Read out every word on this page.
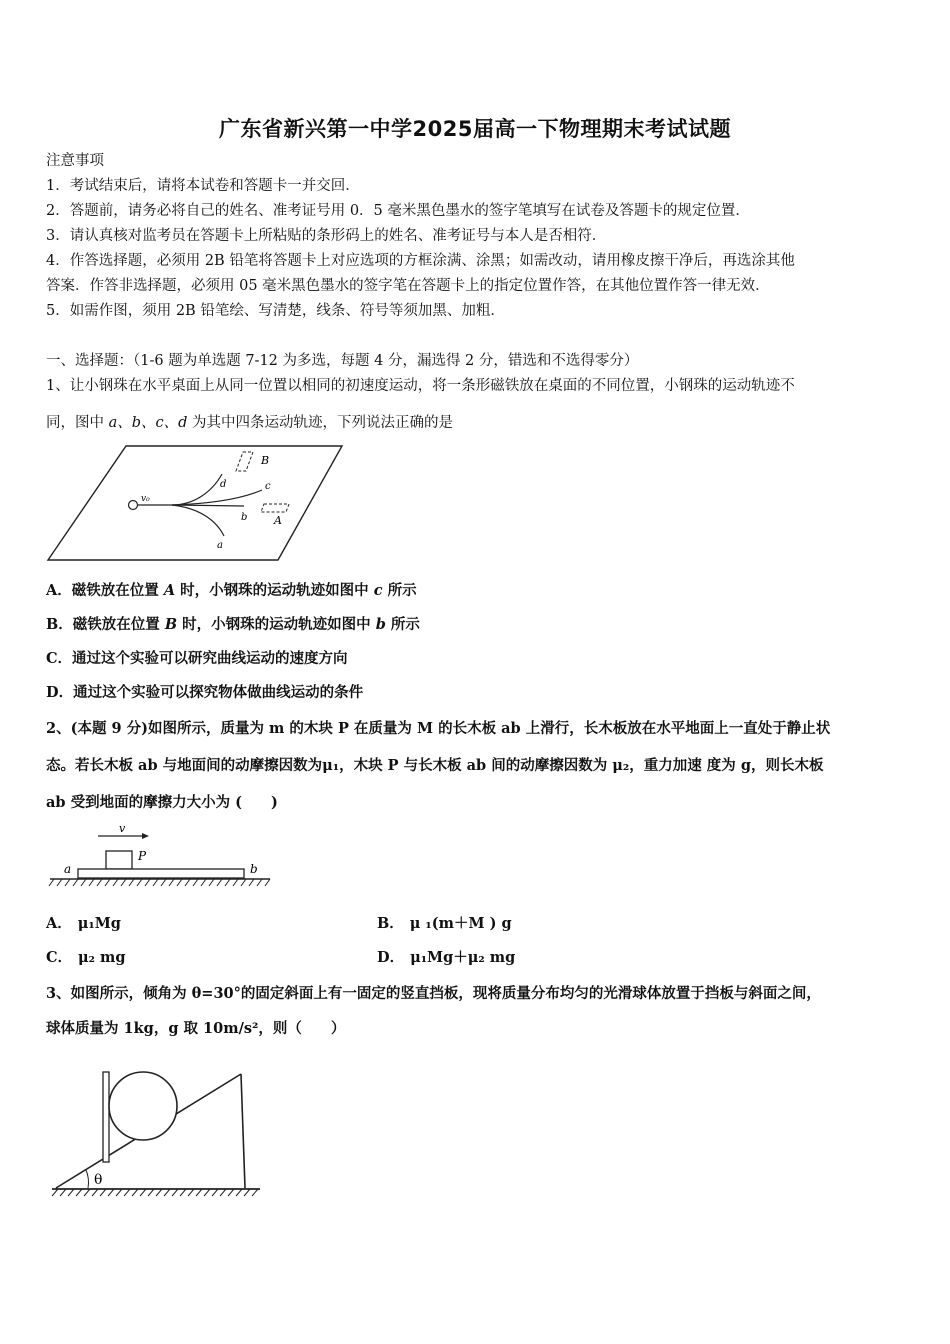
广东省新兴第一中学2025届高一下物理期末考试试题
注意事项
1．考试结束后，请将本试卷和答题卡一并交回．
2．答题前，请务必将自己的姓名、准考证号用 0．5 毫米黑色墨水的签字笔填写在试卷及答题卡的规定位置．
3．请认真核对监考员在答题卡上所粘贴的条形码上的姓名、准考证号与本人是否相符．
4．作答选择题，必须用 2B 铅笔将答题卡上对应选项的方框涂满、涂黑；如需改动，请用橡皮擦干净后，再选涂其他
答案．作答非选择题，必须用 05 毫米黑色墨水的签字笔在答题卡上的指定位置作答，在其他位置作答一律无效．
5．如需作图，须用 2B 铅笔绘、写清楚，线条、符号等须加黑、加粗．
一、选择题：（1-6 题为单选题 7-12 为多选，每题 4 分，漏选得 2 分，错选和不选得零分）
1、让小钢珠在水平桌面上从同一位置以相同的初速度运动，将一条形磁铁放在桌面的不同位置，小钢珠的运动轨迹不
同，图中 a、b、c、d 为其中四条运动轨迹，下列说法正确的是
v₀
d	c
b
a
A
B
A．磁铁放在位置 A 时，小钢珠的运动轨迹如图中 c 所示
B．磁铁放在位置 B 时，小钢珠的运动轨迹如图中 b 所示
C．通过这个实验可以研究曲线运动的速度方向
D．通过这个实验可以探究物体做曲线运动的条件
2、(本题 9 分)如图所示，质量为 m 的木块 P 在质量为 M 的长木板 ab 上滑行，长木板放在水平地面上一直处于静止状
态。若长木板 ab 与地面间的动摩擦因数为μ₁，木块 P 与长木板 ab 间的动摩擦因数为 μ₂，重力加速 度为 g，则长木板
ab 受到地面的摩擦力大小为 (　　)
v
P
a	b
A． μ₁Mg	B． μ ₁(m＋M ) g
C． μ₂ mg	D． μ₁Mg＋μ₂ mg
3、如图所示，倾角为 θ=30°的固定斜面上有一固定的竖直挡板，现将质量分布均匀的光滑球体放置于挡板与斜面之间，
球体质量为 1kg，g 取 10m/s²，则（　　）
θ
